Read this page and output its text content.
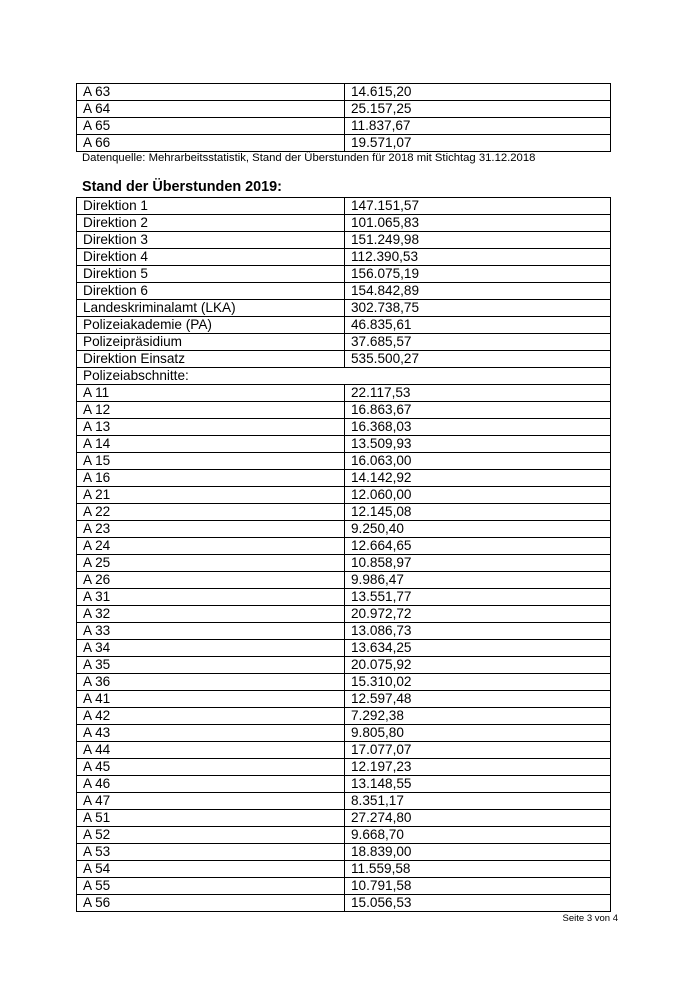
A 63	14.615,20
A 64	25.157,25
A 65	11.837,67
A 66	19.571,07
Datenquelle: Mehrarbeitsstatistik, Stand der Überstunden für 2018 mit Stichtag 31.12.2018
Stand der Überstunden 2019:
Direktion 1	147.151,57
Direktion 2	101.065,83
Direktion 3	151.249,98
Direktion 4	112.390,53
Direktion 5	156.075,19
Direktion 6	154.842,89
Landeskriminalamt (LKA)	302.738,75
Polizeiakademie (PA)	46.835,61
Polizeipräsidium	37.685,57
Direktion Einsatz	535.500,27
Polizeiabschnitte:	
A 11	22.117,53
A 12	16.863,67
A 13	16.368,03
A 14	13.509,93
A 15	16.063,00
A 16	14.142,92
A 21	12.060,00
A 22	12.145,08
A 23	9.250,40
A 24	12.664,65
A 25	10.858,97
A 26	9.986,47
A 31	13.551,77
A 32	20.972,72
A 33	13.086,73
A 34	13.634,25
A 35	20.075,92
A 36	15.310,02
A 41	12.597,48
A 42	7.292,38
A 43	9.805,80
A 44	17.077,07
A 45	12.197,23
A 46	13.148,55
A 47	8.351,17
A 51	27.274,80
A 52	9.668,70
A 53	18.839,00
A 54	11.559,58
A 55	10.791,58
A 56	15.056,53
Seite 3 von 4
